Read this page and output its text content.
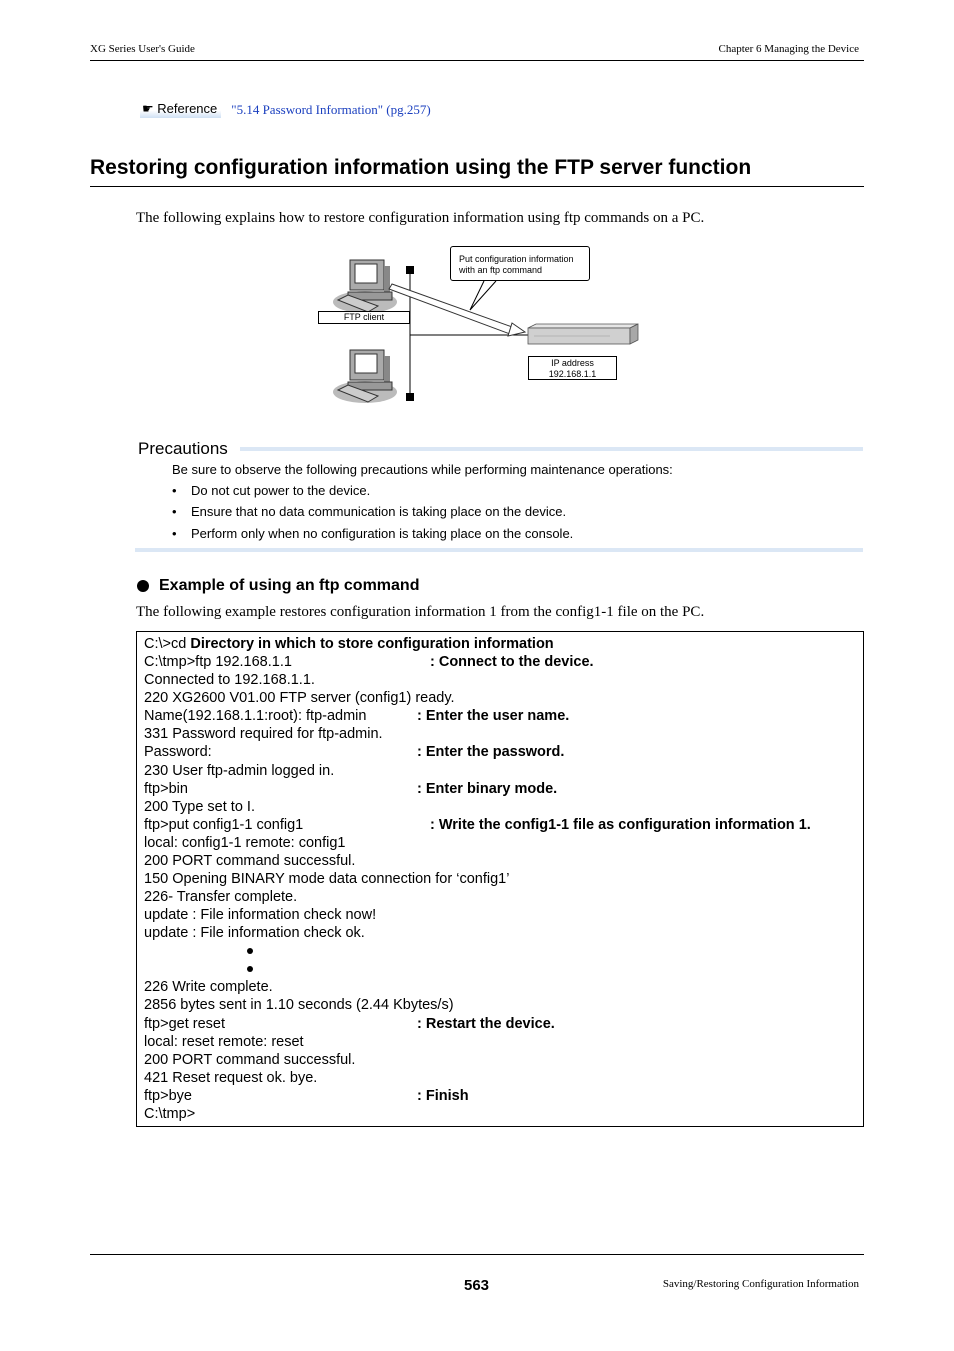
XG Series User's Guide	Chapter 6 Managing the Device
☛ Reference	"5.14 Password Information" (pg.257)
Restoring configuration information using the FTP server function
The following explains how to restore configuration information using ftp commands on a PC.
Put configuration information
with an ftp command
FTP client
IP address
192.168.1.1
Precautions
Be sure to observe the following precautions while performing maintenance operations:
• Do not cut power to the device.
• Ensure that no data communication is taking place on the device.
• Perform only when no configuration is taking place on the console.
Example of using an ftp command
The following example restores configuration information 1 from the config1-1 file on the PC.
C:\>cd Directory in which to store configuration information
C:\tmp>ftp 192.168.1.1	: Connect to the device.
Connected to 192.168.1.1.
220 XG2600 V01.00 FTP server (config1) ready.
Name(192.168.1.1:root): ftp-admin	: Enter the user name.
331 Password required for ftp-admin.
Password:	: Enter the password.
230 User ftp-admin logged in.
ftp>bin	: Enter binary mode.
200 Type set to I.
ftp>put config1-1 config1	: Write the config1-1 file as configuration information 1.
local: config1-1 remote: config1
200 PORT command successful.
150 Opening BINARY mode data connection for ‘config1’
226- Transfer complete.
update : File information check now!
update : File information check ok.
226 Write complete.
2856 bytes sent in 1.10 seconds (2.44 Kbytes/s)
ftp>get reset	: Restart the device.
local: reset remote: reset
200 PORT command successful.
421 Reset request ok. bye.
ftp>bye	: Finish
C:\tmp>
563	Saving/Restoring Configuration Information
